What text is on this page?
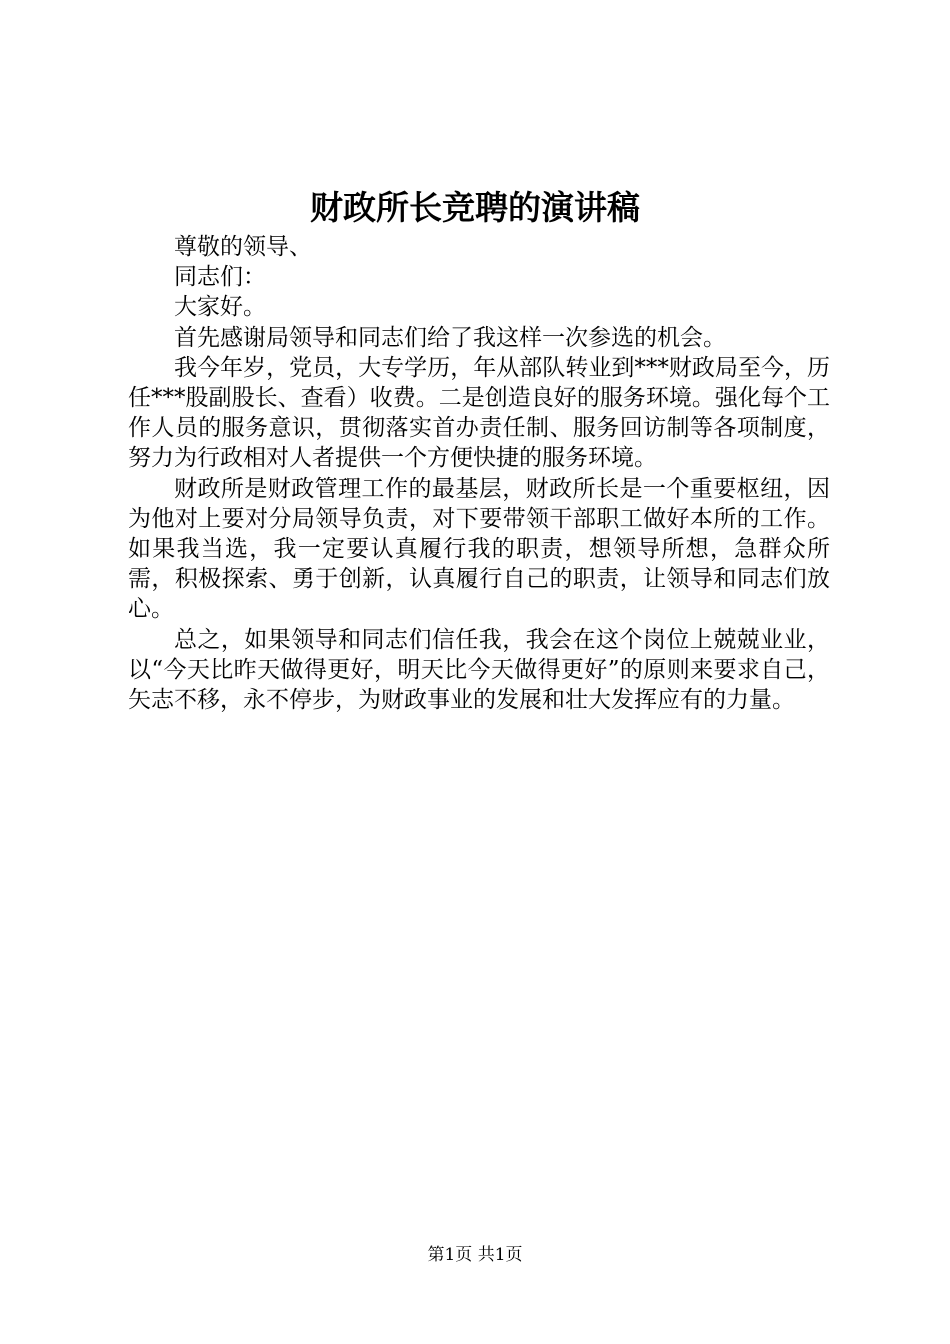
财政所长竞聘的演讲稿

尊敬的领导、

同志们：

大家好。

首先感谢局领导和同志们给了我这样一次参选的机会。

我今年岁，党员，大专学历，年从部队转业到***财政局至今，历任***股副股长、查看）收费。二是创造良好的服务环境。强化每个工作人员的服务意识，贯彻落实首办责任制、服务回访制等各项制度，努力为行政相对人者提供一个方便快捷的服务环境。

财政所是财政管理工作的最基层，财政所长是一个重要枢纽，因为他对上要对分局领导负责，对下要带领干部职工做好本所的工作。如果我当选，我一定要认真履行我的职责，想领导所想，急群众所需，积极探索、勇于创新，认真履行自己的职责，让领导和同志们放心。

总之，如果领导和同志们信任我，我会在这个岗位上兢兢业业，以“今天比昨天做得更好，明天比今天做得更好”的原则来要求自己，矢志不移，永不停步，为财政事业的发展和壮大发挥应有的力量。

第1页 共1页
